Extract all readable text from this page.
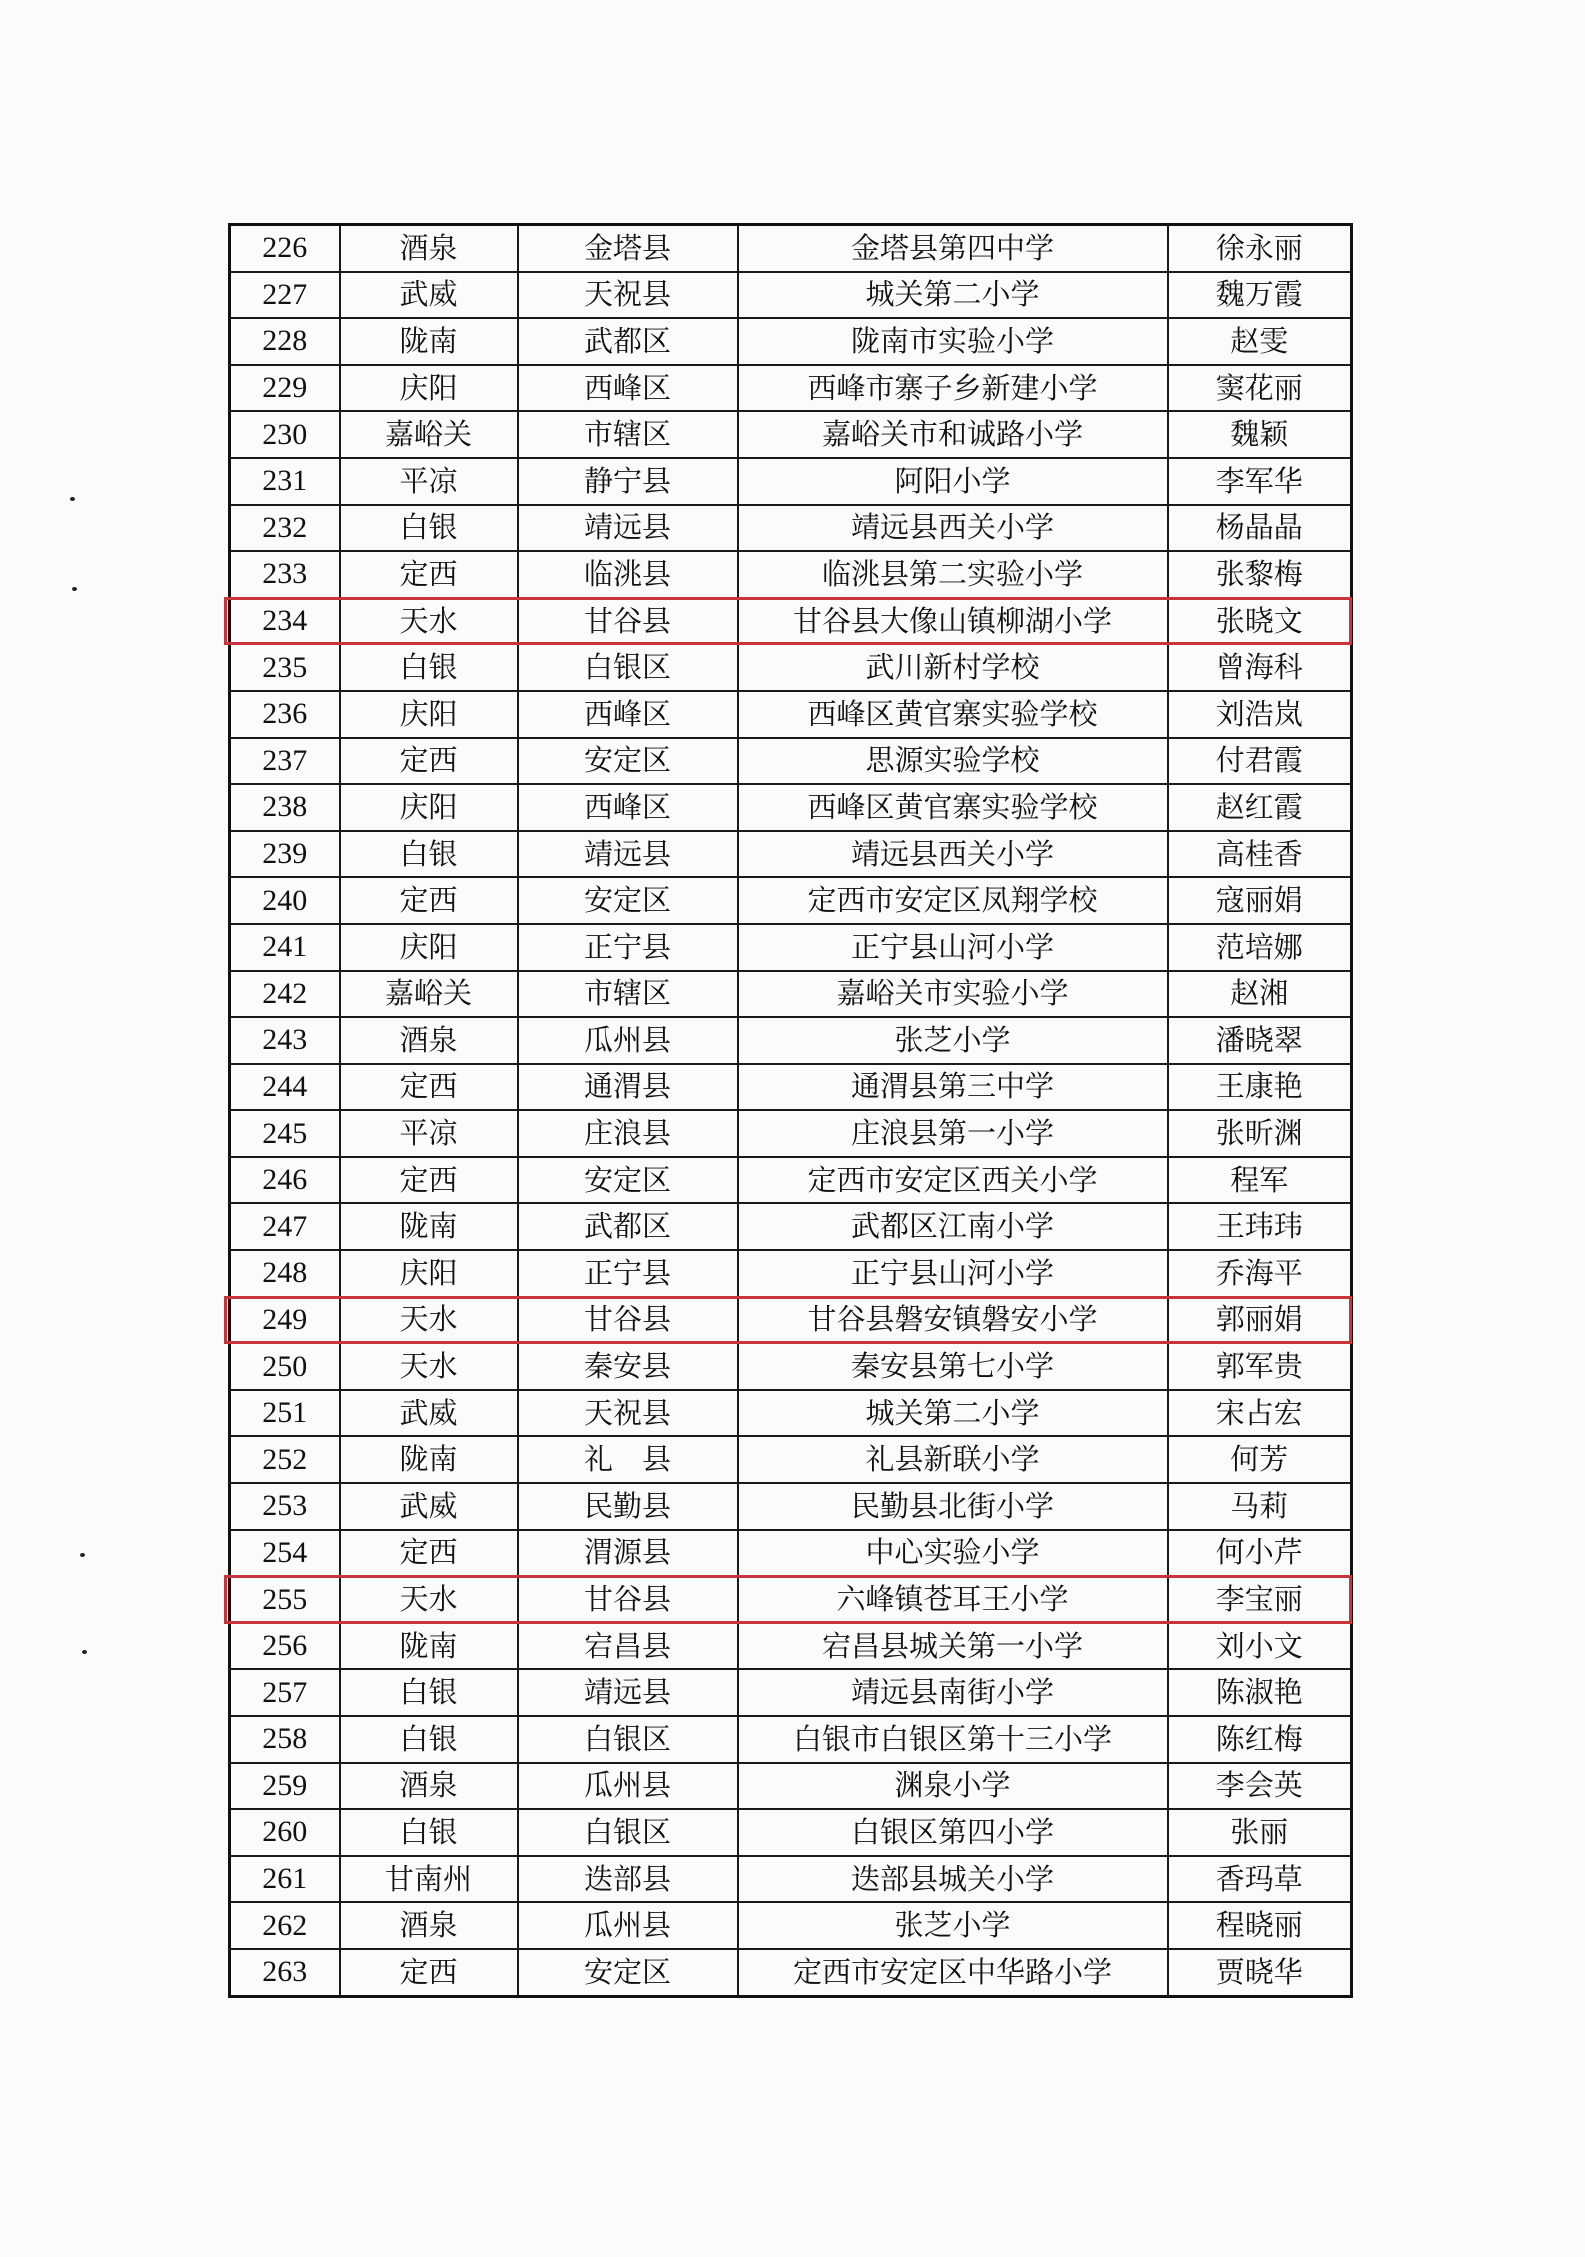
226	酒泉	金塔县	金塔县第四中学	徐永丽
227	武威	天祝县	城关第二小学	魏万霞
228	陇南	武都区	陇南市实验小学	赵雯
229	庆阳	西峰区	西峰市寨子乡新建小学	窦花丽
230	嘉峪关	市辖区	嘉峪关市和诚路小学	魏颖
231	平凉	静宁县	阿阳小学	李军华
232	白银	靖远县	靖远县西关小学	杨晶晶
233	定西	临洮县	临洮县第二实验小学	张黎梅
234	天水	甘谷县	甘谷县大像山镇柳湖小学	张晓文
235	白银	白银区	武川新村学校	曾海科
236	庆阳	西峰区	西峰区黄官寨实验学校	刘浩岚
237	定西	安定区	思源实验学校	付君霞
238	庆阳	西峰区	西峰区黄官寨实验学校	赵红霞
239	白银	靖远县	靖远县西关小学	高桂香
240	定西	安定区	定西市安定区凤翔学校	寇丽娟
241	庆阳	正宁县	正宁县山河小学	范培娜
242	嘉峪关	市辖区	嘉峪关市实验小学	赵湘
243	酒泉	瓜州县	张芝小学	潘晓翠
244	定西	通渭县	通渭县第三中学	王康艳
245	平凉	庄浪县	庄浪县第一小学	张昕渊
246	定西	安定区	定西市安定区西关小学	程军
247	陇南	武都区	武都区江南小学	王玮玮
248	庆阳	正宁县	正宁县山河小学	乔海平
249	天水	甘谷县	甘谷县磐安镇磐安小学	郭丽娟
250	天水	秦安县	秦安县第七小学	郭军贵
251	武威	天祝县	城关第二小学	宋占宏
252	陇南	礼　县	礼县新联小学	何芳
253	武威	民勤县	民勤县北街小学	马莉
254	定西	渭源县	中心实验小学	何小芹
255	天水	甘谷县	六峰镇苍耳王小学	李宝丽
256	陇南	宕昌县	宕昌县城关第一小学	刘小文
257	白银	靖远县	靖远县南街小学	陈淑艳
258	白银	白银区	白银市白银区第十三小学	陈红梅
259	酒泉	瓜州县	渊泉小学	李会英
260	白银	白银区	白银区第四小学	张丽
261	甘南州	迭部县	迭部县城关小学	香玛草
262	酒泉	瓜州县	张芝小学	程晓丽
263	定西	安定区	定西市安定区中华路小学	贾晓华
